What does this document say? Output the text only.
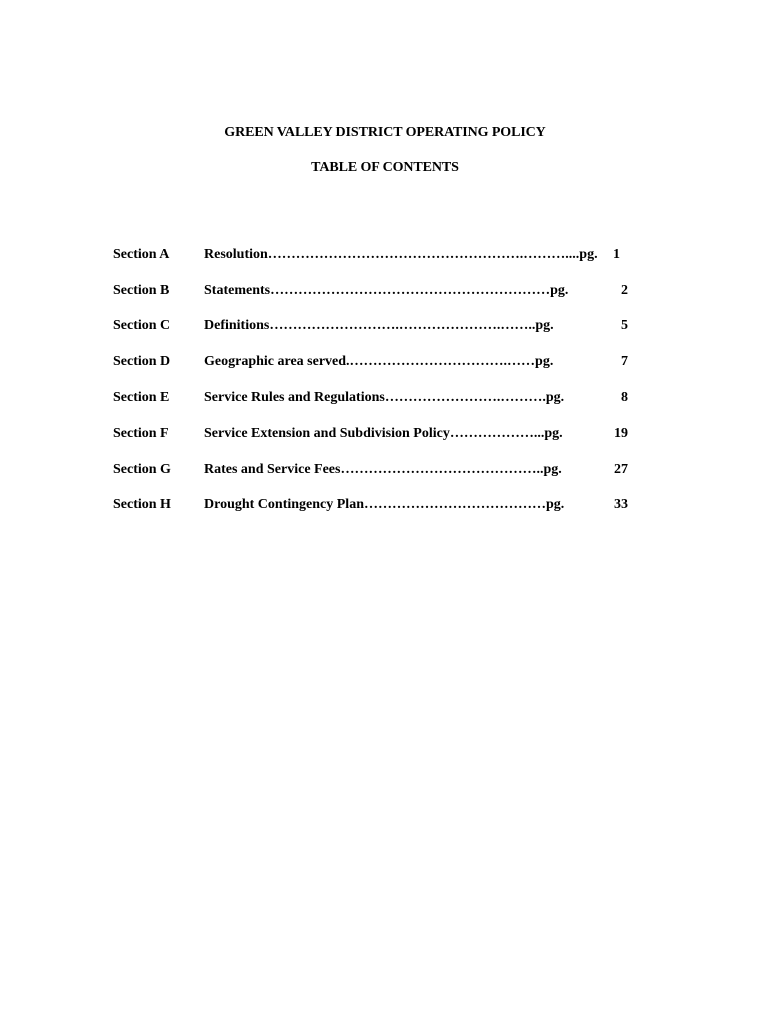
GREEN VALLEY DISTRICT OPERATING POLICY
TABLE OF CONTENTS
Section A Resolution……………………………………………….………....pg. 1
Section B Statements……………………………………………………pg.	2
Section C Definitions……………………….………………….……..pg.	5
Section D Geographic area served.…………………………….……pg.	7
Section E Service Rules and Regulations…………………….……….pg.	8
Section F	Service Extension and Subdivision Policy………………...pg.	19
Section G Rates and Service Fees……………………………………..pg.	27
Section H Drought Contingency Plan…………………………………pg.	33
